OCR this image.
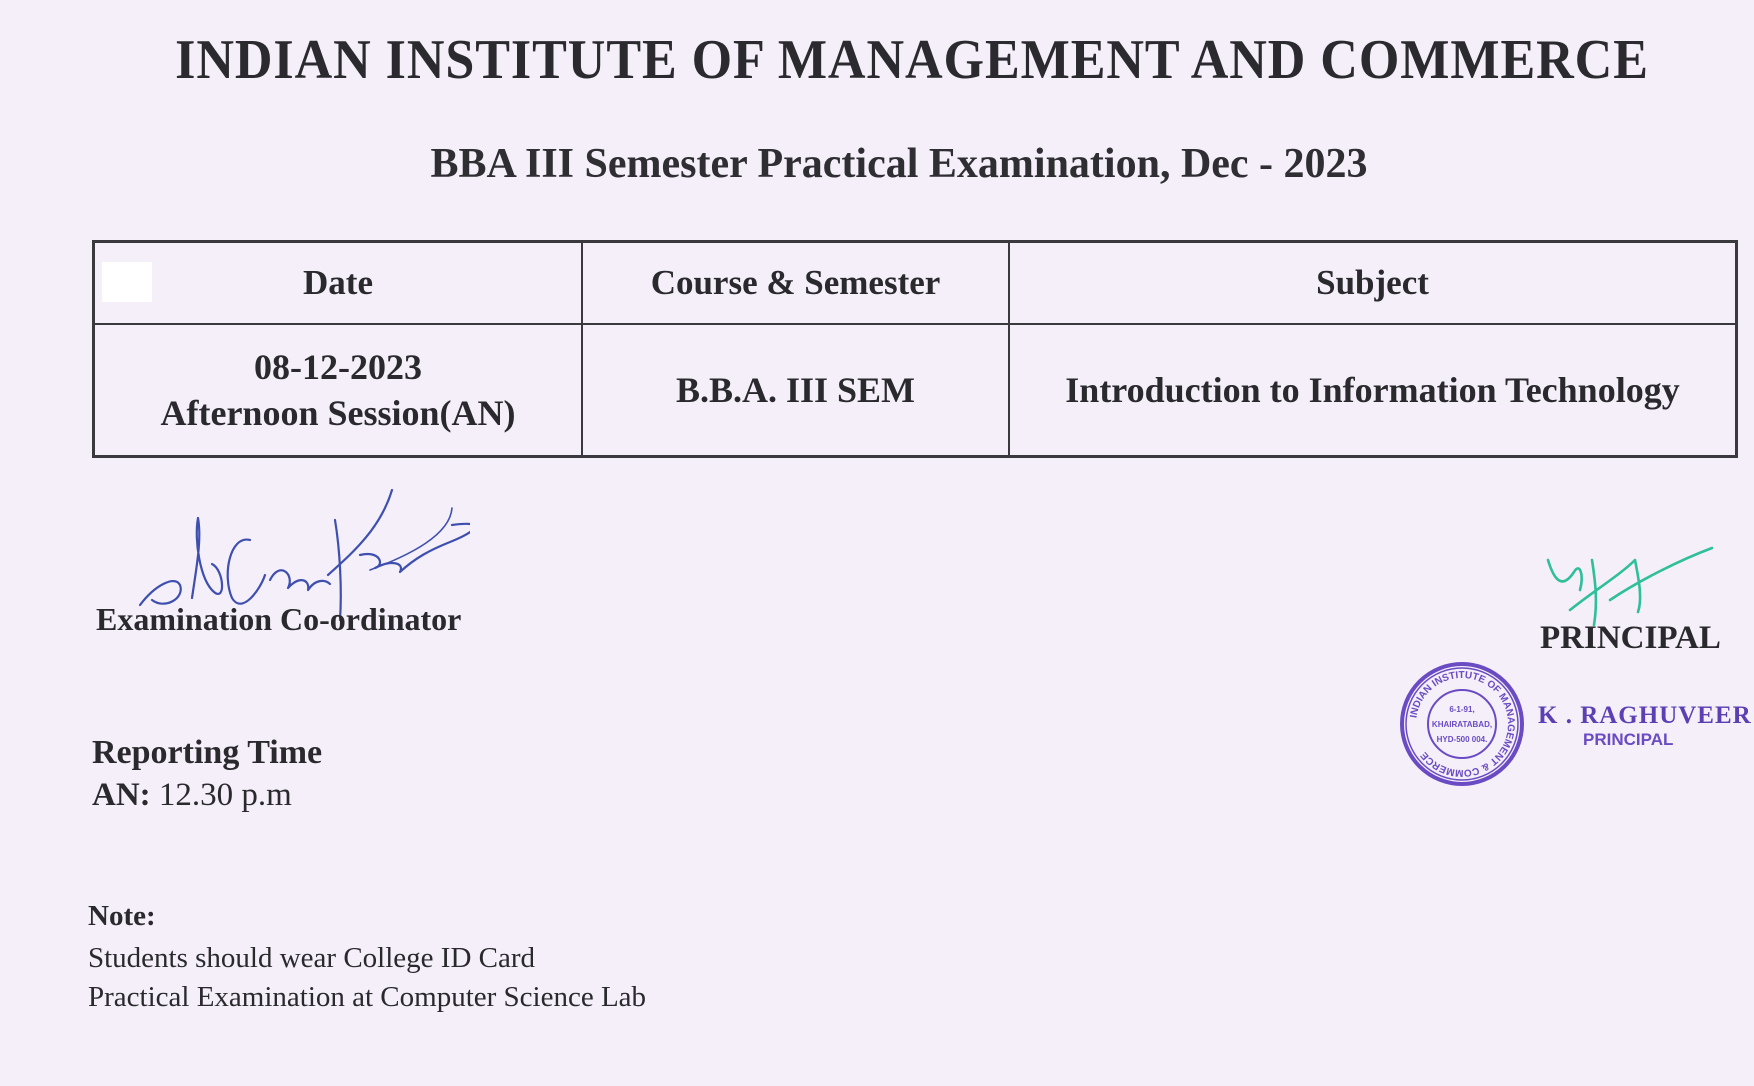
INDIAN INSTITUTE OF MANAGEMENT AND COMMERCE
BBA III Semester Practical Examination, Dec - 2023
Date	Course & Semester	Subject

08-12-2023
Afternoon Session(AN)	B.B.A. III SEM	Introduction to Information Technology
Examination Co-ordinator
PRINCIPAL
INDIAN INSTITUTE OF MANAGEMENT & COMMERCE
6-1-91,
KHAIRATABAD,
HYD-500 004.
K . RAGHUVEER
PRINCIPAL
Reporting Time
AN: 12.30 p.m
Note:
Students should wear College ID Card
Practical Examination at Computer Science Lab
